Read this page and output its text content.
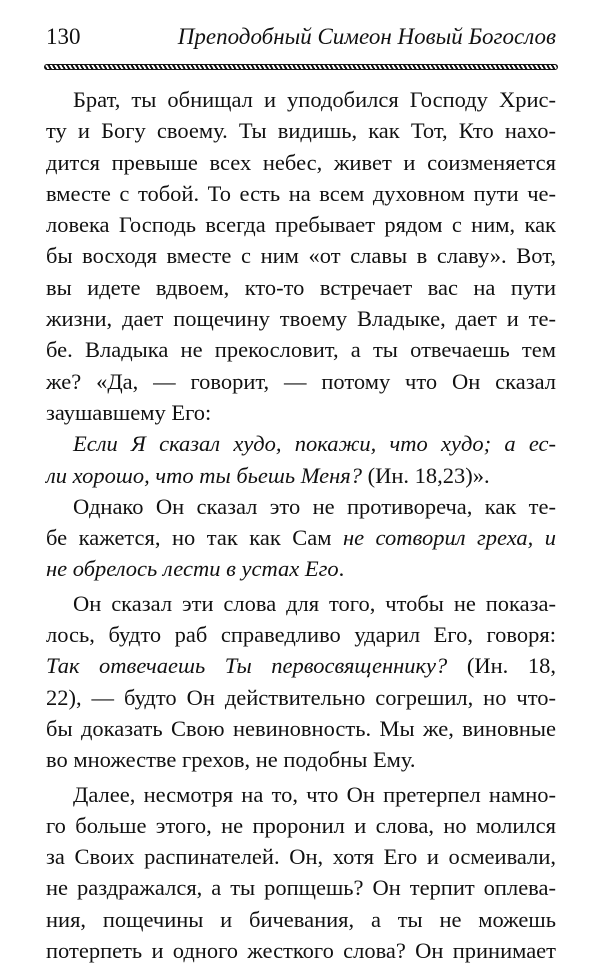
130	Преподобный Симеон Новый Богослов
Брат, ты обнищал и уподобился Господу Хрис-
ту и Богу своему. Ты видишь, как Тот, Кто нахо-
дится превыше всех небес, живет и соизменяется
вместе с тобой. То есть на всем духовном пути че-
ловека Господь всегда пребывает рядом с ним, как
бы восходя вместе с ним «от славы в славу». Вот,
вы идете вдвоем, кто-то встречает вас на пути
жизни, дает пощечину твоему Владыке, дает и те-
бе. Владыка не прекословит, а ты отвечаешь тем
же? «Да, — говорит, — потому что Он сказал
заушавшему Его:
Если Я сказал худо, покажи, что худо; а ес-
ли хорошо, что ты бьешь Меня? (Ин. 18,23)».
Однако Он сказал это не противореча, как те-
бе кажется, но так как Сам не сотворил греха, и
не обрелось лести в устах Его.
Он сказал эти слова для того, чтобы не показа-
лось, будто раб справедливо ударил Его, говоря:
Так отвечаешь Ты первосвященнику? (Ин. 18,
22), — будто Он действительно согрешил, но что-
бы доказать Свою невиновность. Мы же, виновные
во множестве грехов, не подобны Ему.
Далее, несмотря на то, что Он претерпел намно-
го больше этого, не проронил и слова, но молился
за Своих распинателей. Он, хотя Его и осмеивали,
не раздражался, а ты ропщешь? Он терпит оплева-
ния, пощечины и бичевания, а ты не можешь
потерпеть и одного жесткого слова? Он принимает
